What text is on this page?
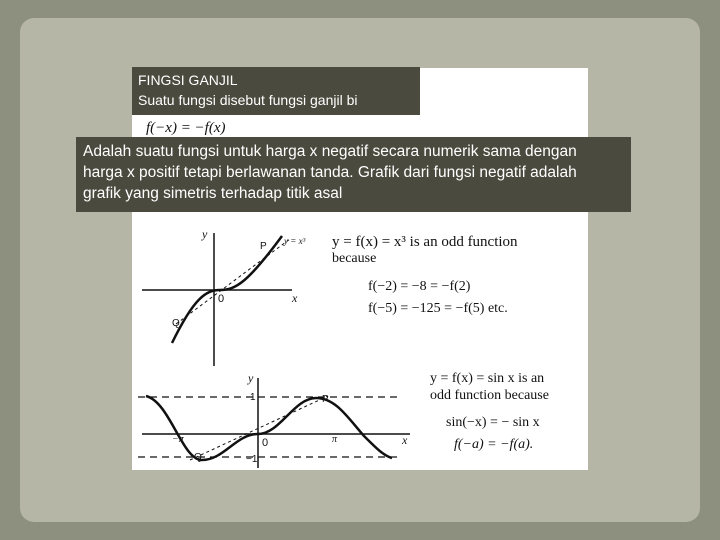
f(−x) = −f(x)
y
x
0
P
Q
y = x³ y = f(x) = x³ is an odd function
because
f(−2) = −8 = −f(2)
f(−5) = −125 = −f(5) etc.
y
x
0
1
−1
−π	π
P
Q
y = f(x) = sin x is an
odd function because
sin(−x) = − sin x
f(−a) = −f(a).
FINGSI GANJIL
Suatu fungsi disebut fungsi ganjil bi
Adalah suatu fungsi untuk harga x negatif secara numerik sama dengan
harga x positif tetapi berlawanan tanda. Grafik dari fungsi negatif adalah
grafik yang simetris terhadap titik asal
